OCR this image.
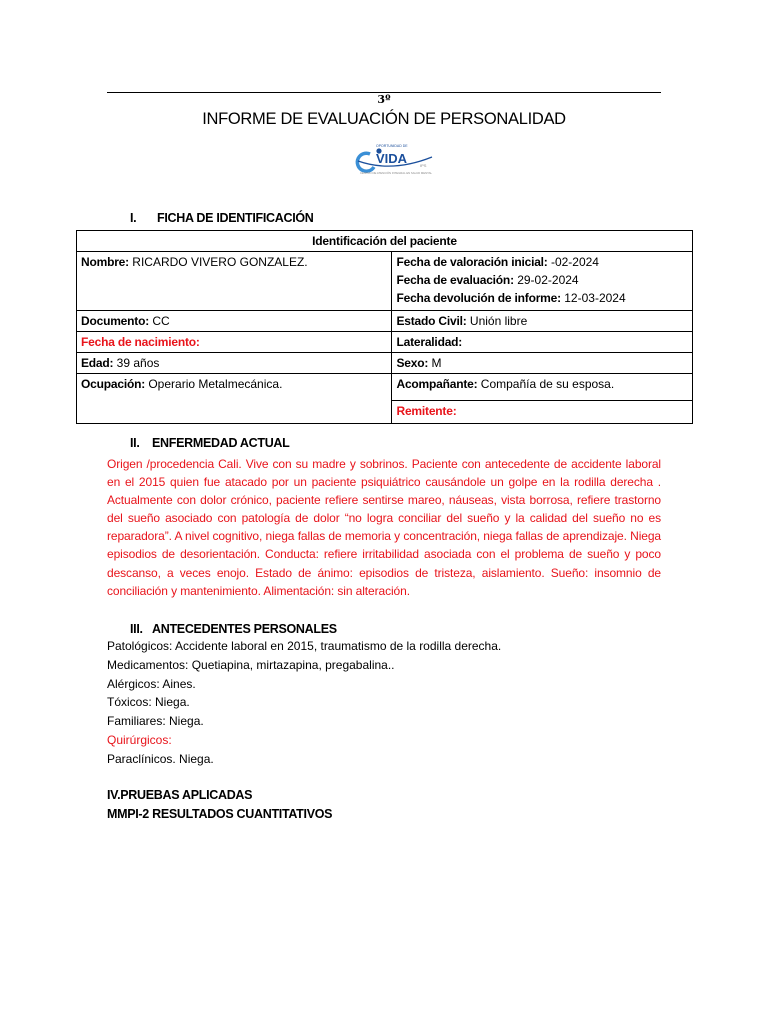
3º
INFORME DE EVALUACIÓN DE PERSONALIDAD
OPORTUNIDAD DE
VIDA	IPS
CENTRO DE ATENCIÓN INTEGRAL EN SALUD MENTAL
I. FICHA DE IDENTIFICACIÓN
Identificación del paciente	
Nombre: RICARDO VIVERO GONZALEZ.	Fecha de valoración inicial: -02-2024
Fecha de evaluación: 29-02-2024
Fecha devolución de informe: 12-03-2024

Documento: CC	Estado Civil: Unión libre
Fecha de nacimiento:	Lateralidad:
Edad: 39 años	Sexo: M
Ocupación: Operario Metalmecánica.	Acompañante: Compañía de su esposa.
	Remitente:
II. ENFERMEDAD ACTUAL
Origen /procedencia Cali. Vive con su madre y sobrinos. Paciente con antecedente de accidente laboral en el 2015 quien fue atacado por un paciente psiquiátrico causándole un golpe en la rodilla derecha . Actualmente con dolor crónico, paciente refiere sentirse mareo, náuseas, vista borrosa, refiere trastorno del sueño asociado con patología de dolor “no logra conciliar del sueño y la calidad del sueño no es reparadora”. A nivel cognitivo, niega fallas de memoria y concentración, niega fallas de aprendizaje. Niega episodios de desorientación. Conducta: refiere irritabilidad asociada con el problema de sueño y poco descanso, a veces enojo. Estado de ánimo: episodios de tristeza, aislamiento. Sueño: insomnio de conciliación y mantenimiento. Alimentación: sin alteración.
III. ANTECEDENTES PERSONALES
Patológicos: Accidente laboral en 2015, traumatismo de la rodilla derecha.
Medicamentos: Quetiapina, mirtazapina, pregabalina..
Alérgicos: Aines.
Tóxicos: Niega.
Familiares: Niega.
Quirúrgicos:
Paraclínicos. Niega.
IV.PRUEBAS APLICADAS
MMPI-2 RESULTADOS CUANTITATIVOS
